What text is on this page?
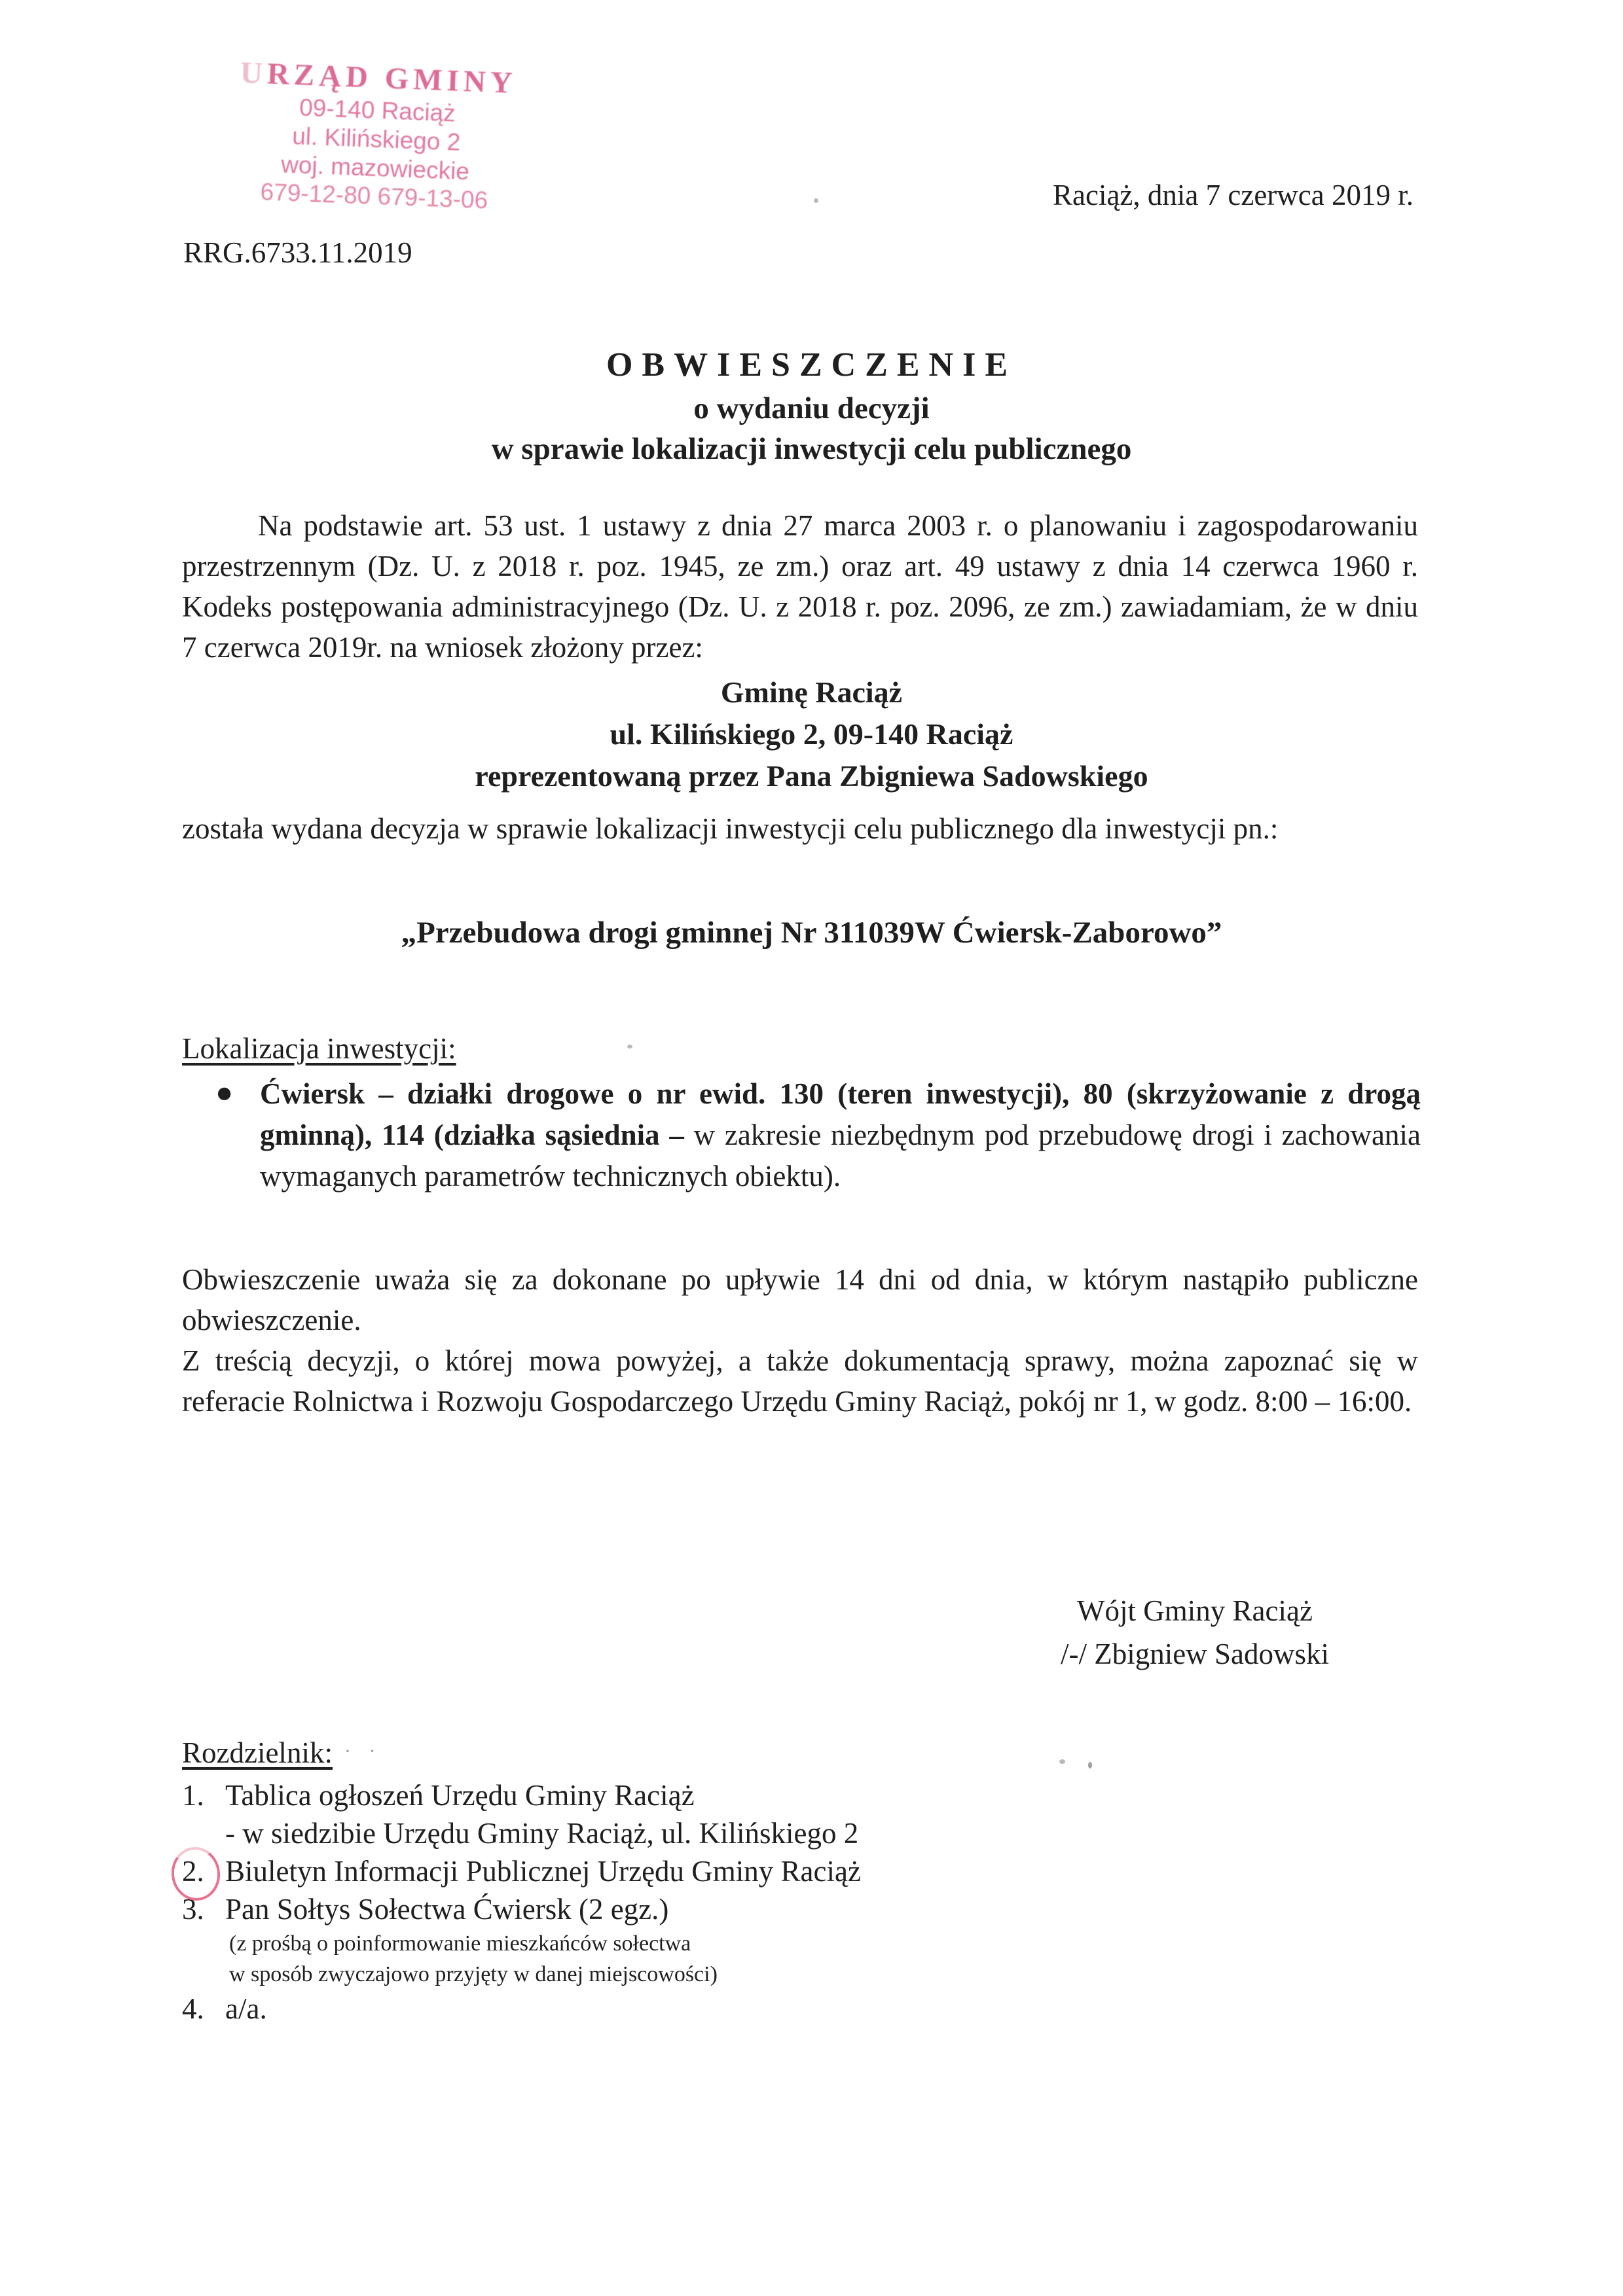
URZĄD GMINY
09-140 Raciąż
ul. Kilińskiego 2
woj. mazowieckie
679-12-80 679-13-06	Raciąż, dnia 7 czerwca 2019 r.
RRG.6733.11.2019
OBWIESZCZENIE
o wydaniu decyzji
w sprawie lokalizacji inwestycji celu publicznego
Na podstawie art. 53 ust. 1 ustawy z dnia 27 marca 2003 r. o planowaniu i zagospodarowaniu przestrzennym (Dz. U. z 2018 r. poz. 1945, ze zm.) oraz art. 49 ustawy z dnia 14 czerwca 1960 r. Kodeks postępowania administracyjnego (Dz. U. z 2018 r. poz. 2096, ze zm.) zawiadamiam, że w dniu 7 czerwca 2019r. na wniosek złożony przez:
Gminę Raciąż
ul. Kilińskiego 2, 09-140 Raciąż
reprezentowaną przez Pana Zbigniewa Sadowskiego
została wydana decyzja w sprawie lokalizacji inwestycji celu publicznego dla inwestycji pn.:
„Przebudowa drogi gminnej Nr 311039W Ćwiersk-Zaborowo”
Lokalizacja inwestycji:
● Ćwiersk – działki drogowe o nr ewid. 130 (teren inwestycji), 80 (skrzyżowanie z drogą gminną), 114 (działka sąsiednia – w zakresie niezbędnym pod przebudowę drogi i zachowania wymaganych parametrów technicznych obiektu).
Obwieszczenie uważa się za dokonane po upływie 14 dni od dnia, w którym nastąpiło publiczne obwieszczenie.
Z treścią decyzji, o której mowa powyżej, a także dokumentacją sprawy, można zapoznać się w referacie Rolnictwa i Rozwoju Gospodarczego Urzędu Gminy Raciąż, pokój nr 1, w godz. 8:00 – 16:00.
Wójt Gminy Raciąż
/-/ Zbigniew Sadowski
Rozdzielnik: · ·
1. Tablica ogłoszeń Urzędu Gminy Raciąż
- w siedzibie Urzędu Gminy Raciąż, ul. Kilińskiego 2
2. Biuletyn Informacji Publicznej Urzędu Gminy Raciąż
3. Pan Sołtys Sołectwa Ćwiersk (2 egz.)
(z prośbą o poinformowanie mieszkańców sołectwa
w sposób zwyczajowo przyjęty w danej miejscowości)
4. a/a.
